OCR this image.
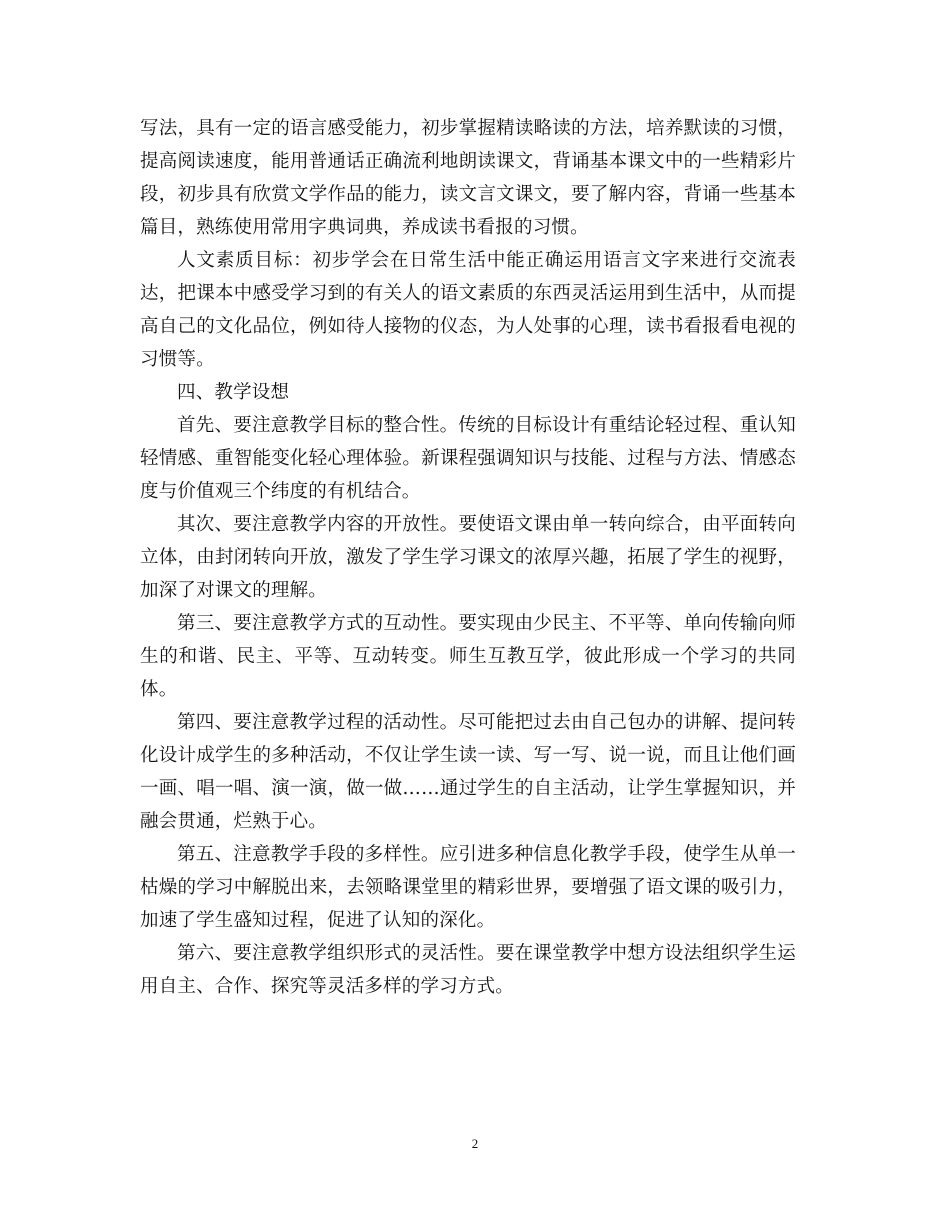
写法，具有一定的语言感受能力，初步掌握精读略读的方法，培养默读的习惯，提高阅读速度，能用普通话正确流利地朗读课文，背诵基本课文中的一些精彩片段，初步具有欣赏文学作品的能力，读文言文课文，要了解内容，背诵一些基本篇目，熟练使用常用字典词典，养成读书看报的习惯。

人文素质目标：初步学会在日常生活中能正确运用语言文字来进行交流表达，把课本中感受学习到的有关人的语文素质的东西灵活运用到生活中，从而提高自己的文化品位，例如待人接物的仪态，为人处事的心理，读书看报看电视的习惯等。

四、教学设想

首先、要注意教学目标的整合性。传统的目标设计有重结论轻过程、重认知轻情感、重智能变化轻心理体验。新课程强调知识与技能、过程与方法、情感态度与价值观三个纬度的有机结合。

其次、要注意教学内容的开放性。要使语文课由单一转向综合，由平面转向立体，由封闭转向开放，激发了学生学习课文的浓厚兴趣，拓展了学生的视野，加深了对课文的理解。

第三、要注意教学方式的互动性。要实现由少民主、不平等、单向传输向师生的和谐、民主、平等、互动转变。师生互教互学，彼此形成一个学习的共同体。

第四、要注意教学过程的活动性。尽可能把过去由自己包办的讲解、提问转化设计成学生的多种活动，不仅让学生读一读、写一写、说一说，而且让他们画一画、唱一唱、演一演，做一做……通过学生的自主活动，让学生掌握知识，并融会贯通，烂熟于心。

第五、注意教学手段的多样性。应引进多种信息化教学手段，使学生从单一枯燥的学习中解脱出来，去领略课堂里的精彩世界，要增强了语文课的吸引力，加速了学生盛知过程，促进了认知的深化。

第六、要注意教学组织形式的灵活性。要在课堂教学中想方设法组织学生运用自主、合作、探究等灵活多样的学习方式。

2
